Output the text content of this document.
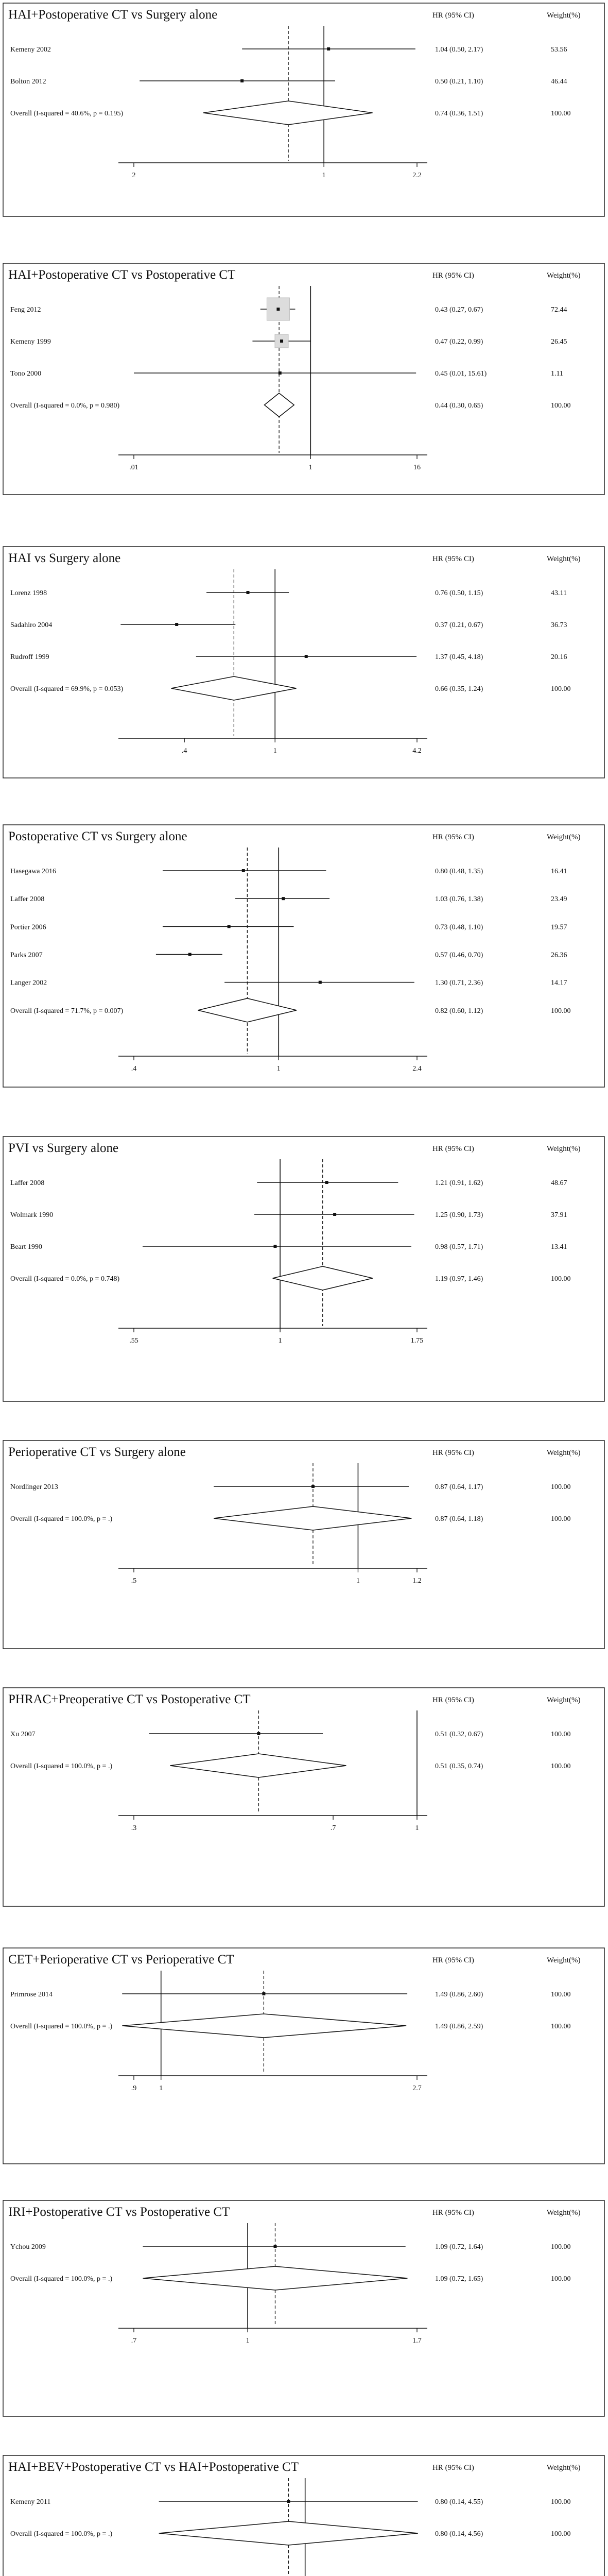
HAI+Postoperative CT vs Surgery alone	HR (95% CI)	Weight(%)
Kemeny 2002	1.04 (0.50, 2.17)	53.56
Bolton 2012	0.50 (0.21, 1.10)	46.44
Overall (I-squared = 40.6%, p = 0.195)	0.74 (0.36, 1.51)	100.00
2	1	2.2
HAI+Postoperative CT vs Postoperative CT	HR (95% CI)	Weight(%)
Feng 2012	0.43 (0.27, 0.67)	72.44
Kemeny 1999	0.47 (0.22, 0.99)	26.45
Tono 2000	0.45 (0.01, 15.61)	1.11
Overall (I-squared = 0.0%, p = 0.980)	0.44 (0.30, 0.65)	100.00
.01	1	16
HAI vs Surgery alone	HR (95% CI)	Weight(%)
Lorenz 1998	0.76 (0.50, 1.15)	43.11
Sadahiro 2004	0.37 (0.21, 0.67)	36.73
Rudroff 1999	1.37 (0.45, 4.18)	20.16
Overall (I-squared = 69.9%, p = 0.053)	0.66 (0.35, 1.24)	100.00
.4	1	4.2
Postoperative CT vs Surgery alone	HR (95% CI)	Weight(%)
Hasegawa 2016	0.80 (0.48, 1.35)	16.41
Laffer 2008	1.03 (0.76, 1.38)	23.49
Portier 2006	0.73 (0.48, 1.10)	19.57
Parks 2007	0.57 (0.46, 0.70)	26.36
Langer 2002	1.30 (0.71, 2.36)	14.17
Overall (I-squared = 71.7%, p = 0.007)	0.82 (0.60, 1.12)	100.00
.4	1	2.4
PVI vs Surgery alone	HR (95% CI)	Weight(%)
Laffer 2008	1.21 (0.91, 1.62)	48.67
Wolmark 1990	1.25 (0.90, 1.73)	37.91
Beart 1990	0.98 (0.57, 1.71)	13.41
Overall (I-squared = 0.0%, p = 0.748)	1.19 (0.97, 1.46)	100.00
.55	1	1.75
Perioperative CT vs Surgery alone	HR (95% CI)	Weight(%)
Nordlinger 2013	0.87 (0.64, 1.17)	100.00
Overall (I-squared = 100.0%, p = .)	0.87 (0.64, 1.18)	100.00
.5	1	1.2
PHRAC+Preoperative CT vs Postoperative CT	HR (95% CI)	Weight(%)
Xu 2007	0.51 (0.32, 0.67)	100.00
Overall (I-squared = 100.0%, p = .)	0.51 (0.35, 0.74)	100.00
.3	.7	1
CET+Perioperative CT vs Perioperative CT	HR (95% CI)	Weight(%)
Primrose 2014	1.49 (0.86, 2.60)	100.00
Overall (I-squared = 100.0%, p = .)	1.49 (0.86, 2.59)	100.00
.9	1	2.7
IRI+Postoperative CT vs Postoperative CT	HR (95% CI)	Weight(%)
Ychou 2009	1.09 (0.72, 1.64)	100.00
Overall (I-squared = 100.0%, p = .)	1.09 (0.72, 1.65)	100.00
.7	1	1.7
HAI+BEV+Postoperative CT vs HAI+Postoperative CT	HR (95% CI)	Weight(%)
Kemeny 2011	0.80 (0.14, 4.55)	100.00
Overall (I-squared = 100.0%, p = .)	0.80 (0.14, 4.56)	100.00
